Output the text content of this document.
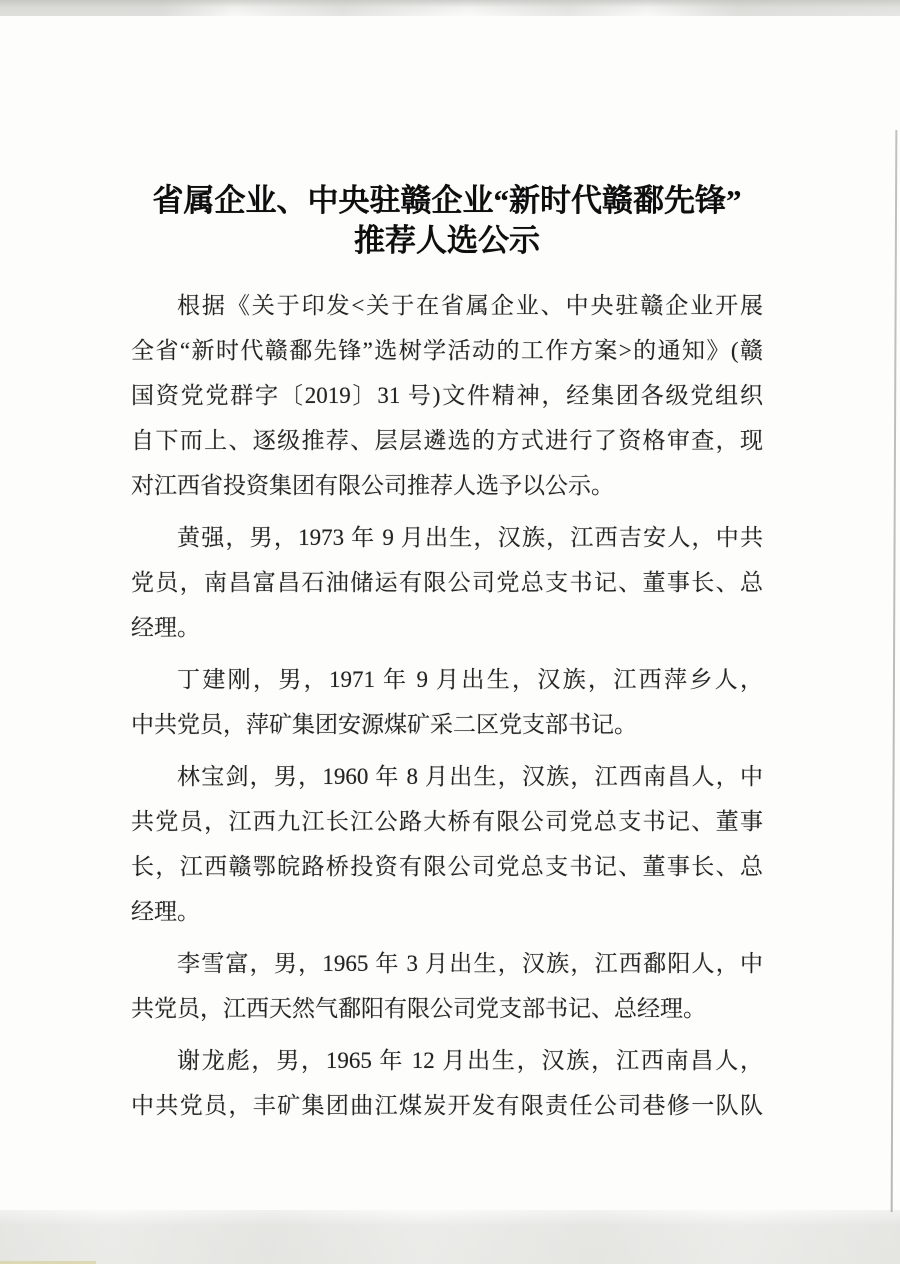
省属企业、中央驻赣企业“新时代赣鄱先锋”
推荐人选公示
根据《关于印发<关于在省属企业、中央驻赣企业开展
全省“新时代赣鄱先锋”选树学活动的工作方案>的通知》(赣
国资党党群字〔2019〕31 号)文件精神，经集团各级党组织
自下而上、逐级推荐、层层遴选的方式进行了资格审查，现
对江西省投资集团有限公司推荐人选予以公示。
黄强，男，1973 年 9 月出生，汉族，江西吉安人，中共
党员，南昌富昌石油储运有限公司党总支书记、董事长、总
经理。
丁建刚，男，1971 年 9 月出生，汉族，江西萍乡人，
中共党员，萍矿集团安源煤矿采二区党支部书记。
林宝剑，男，1960 年 8 月出生，汉族，江西南昌人，中
共党员，江西九江长江公路大桥有限公司党总支书记、董事
长，江西赣鄂皖路桥投资有限公司党总支书记、董事长、总
经理。
李雪富，男，1965 年 3 月出生，汉族，江西鄱阳人，中
共党员，江西天然气鄱阳有限公司党支部书记、总经理。
谢龙彪，男，1965 年 12 月出生，汉族，江西南昌人，
中共党员，丰矿集团曲江煤炭开发有限责任公司巷修一队队
